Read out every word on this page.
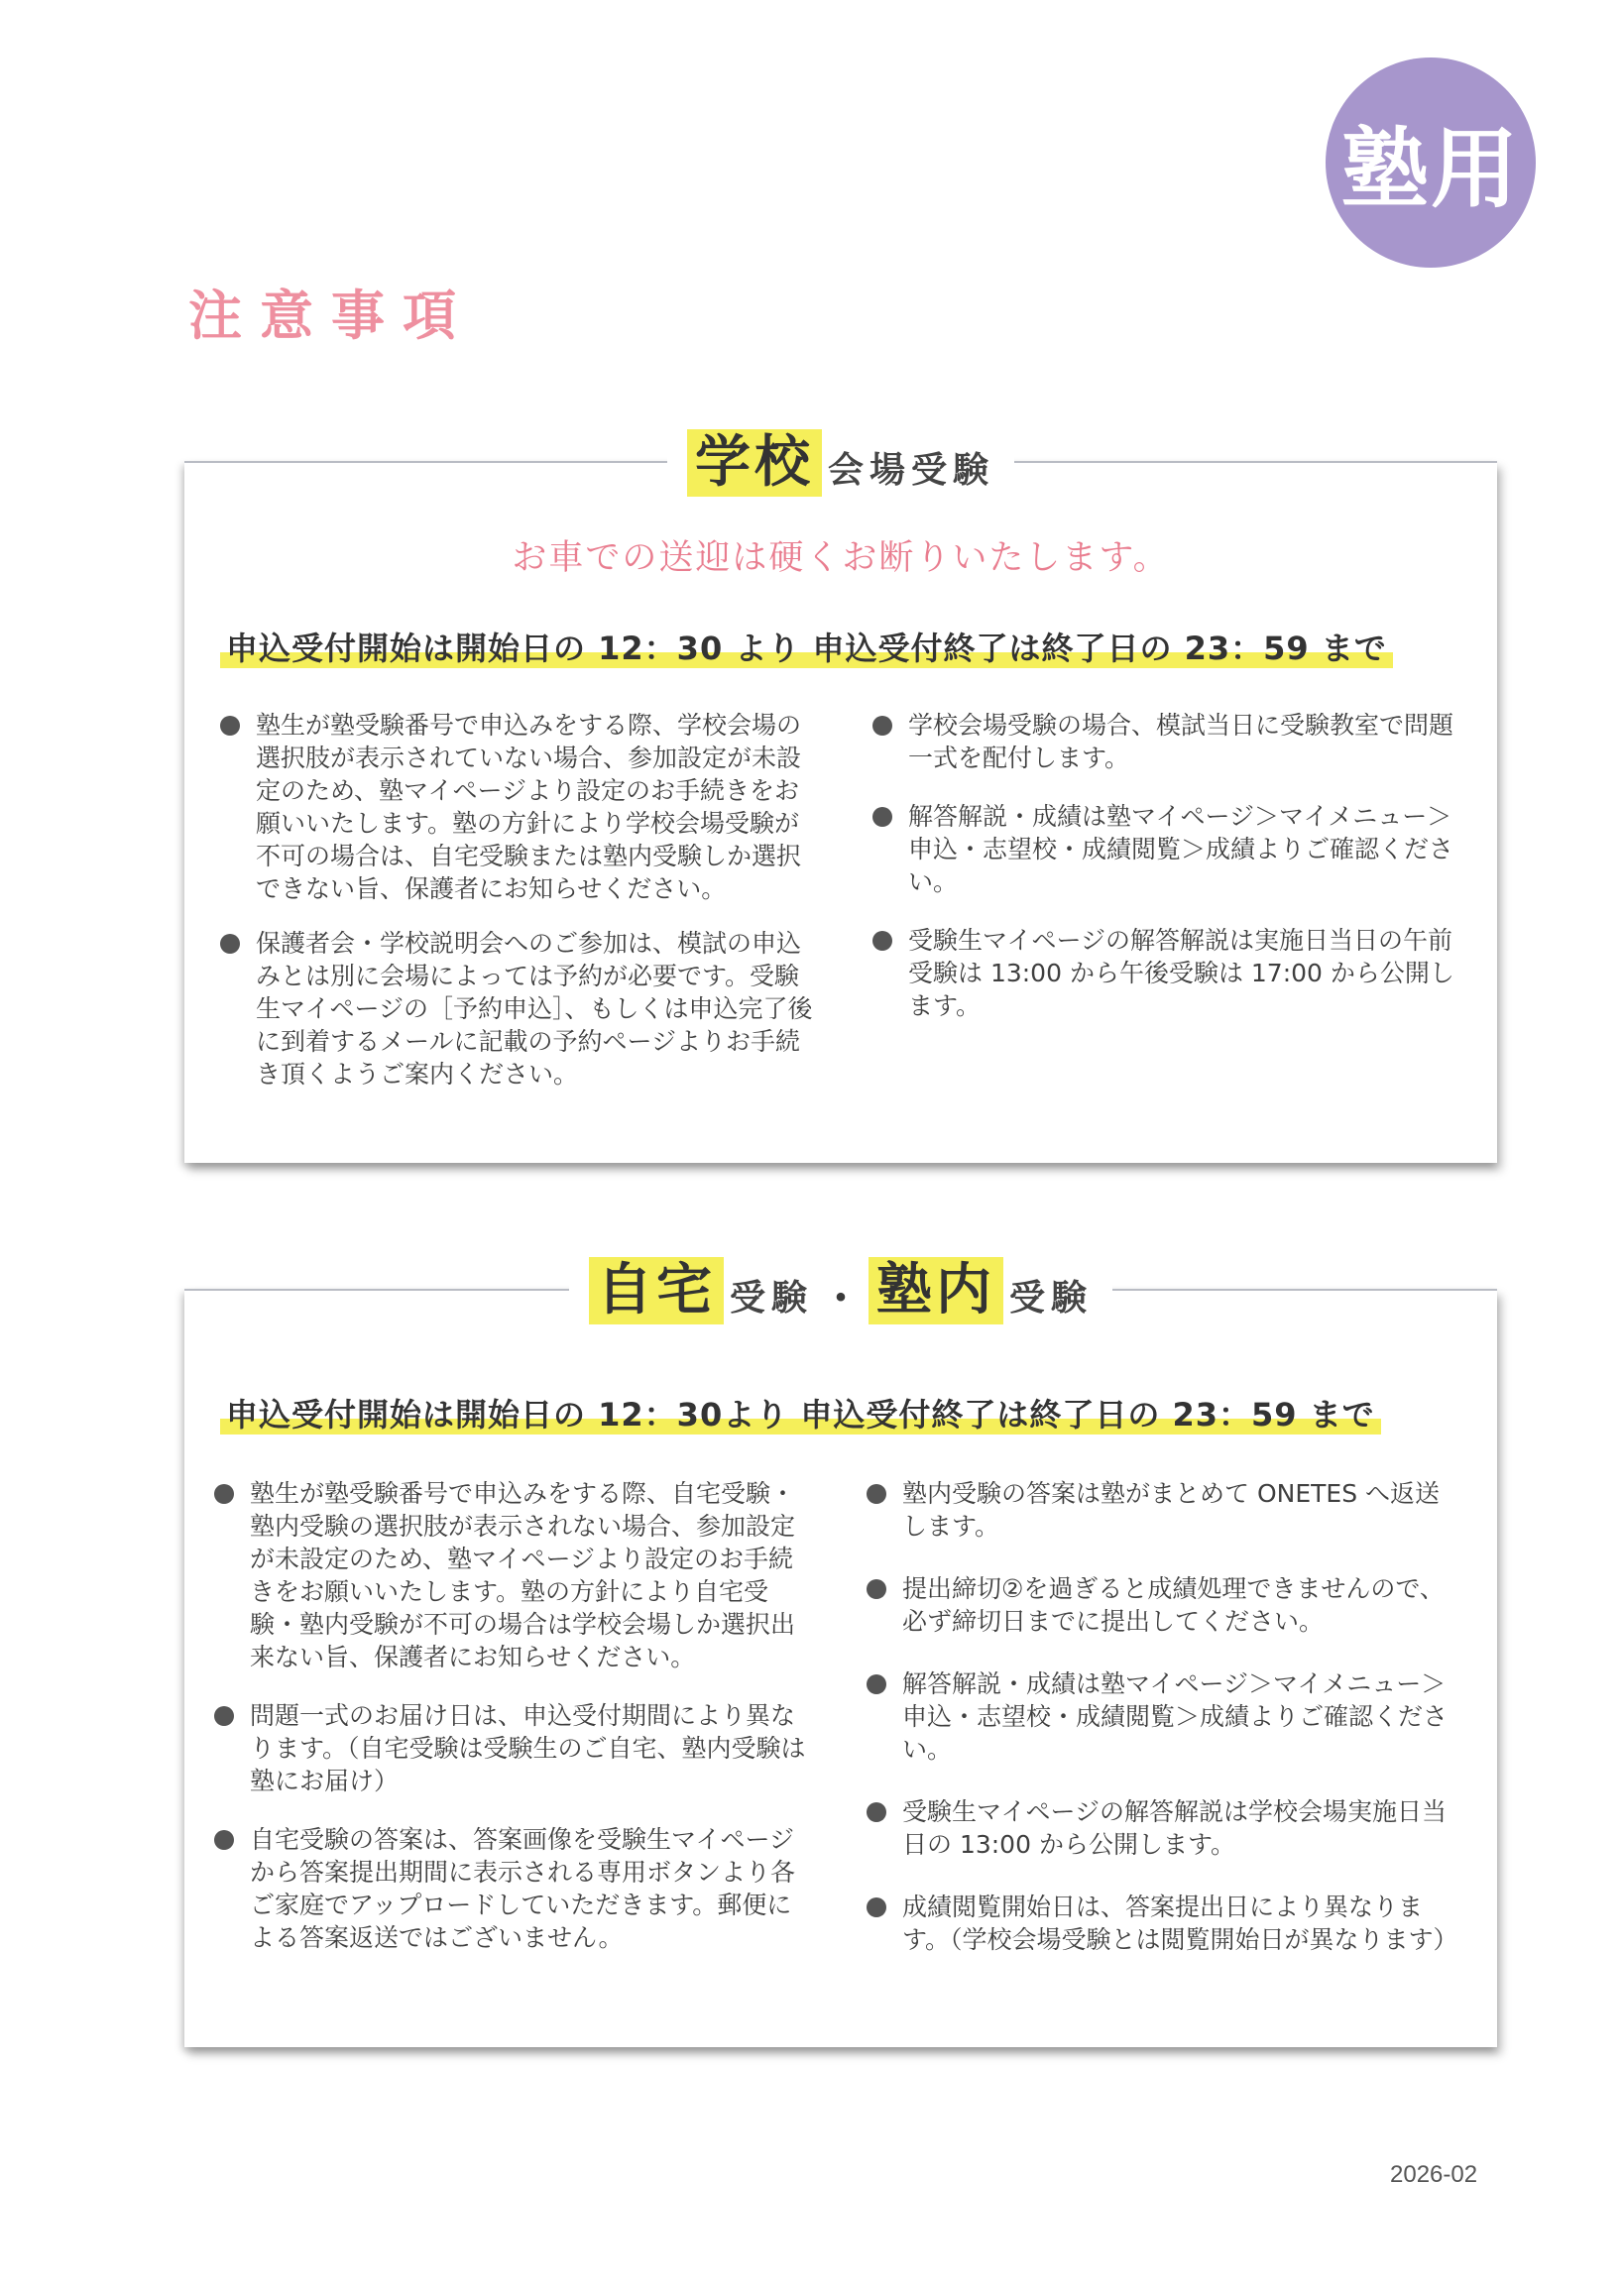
塾用
注意事項
学校 会場受験
お車での送迎は硬くお断りいたします。
申込受付開始は開始日の 12：30 より 申込受付終了は終了日の 23：59 まで
塾生が塾受験番号で申込みをする際、学校会場の選択肢が表示されていない場合、参加設定が未設定のため、塾マイページより設定のお手続きをお願いいたします。塾の方針により学校会場受験が不可の場合は、自宅受験または塾内受験しか選択できない旨、保護者にお知らせください。
保護者会・学校説明会へのご参加は、模試の申込みとは別に会場によっては予約が必要です。受験生マイページの［予約申込］、もしくは申込完了後に到着するメールに記載の予約ページよりお手続き頂くようご案内ください。
学校会場受験の場合、模試当日に受験教室で問題一式を配付します。
解答解説・成績は塾マイページ＞マイメニュー＞申込・志望校・成績閲覧＞成績よりご確認ください。
受験生マイページの解答解説は実施日当日の午前受験は 13:00 から午後受験は 17:00 から公開します。
自宅 受験 ・ 塾内 受験
申込受付開始は開始日の 12：30より 申込受付終了は終了日の 23：59 まで
塾生が塾受験番号で申込みをする際、自宅受験・塾内受験の選択肢が表示されない場合、参加設定が未設定のため、塾マイページより設定のお手続きをお願いいたします。塾の方針により自宅受験・塾内受験が不可の場合は学校会場しか選択出来ない旨、保護者にお知らせください。
問題一式のお届け日は、申込受付期間により異なります。（自宅受験は受験生のご自宅、塾内受験は塾にお届け）
自宅受験の答案は、答案画像を受験生マイページから答案提出期間に表示される専用ボタンより各ご家庭でアップロードしていただきます。郵便による答案返送ではございません。
塾内受験の答案は塾がまとめて ONETES へ返送します。
提出締切②を過ぎると成績処理できませんので、必ず締切日までに提出してください。
解答解説・成績は塾マイページ＞マイメニュー＞申込・志望校・成績閲覧＞成績よりご確認ください。
受験生マイページの解答解説は学校会場実施日当日の 13:00 から公開します。
成績閲覧開始日は、答案提出日により異なります。（学校会場受験とは閲覧開始日が異なります）
2026-02
